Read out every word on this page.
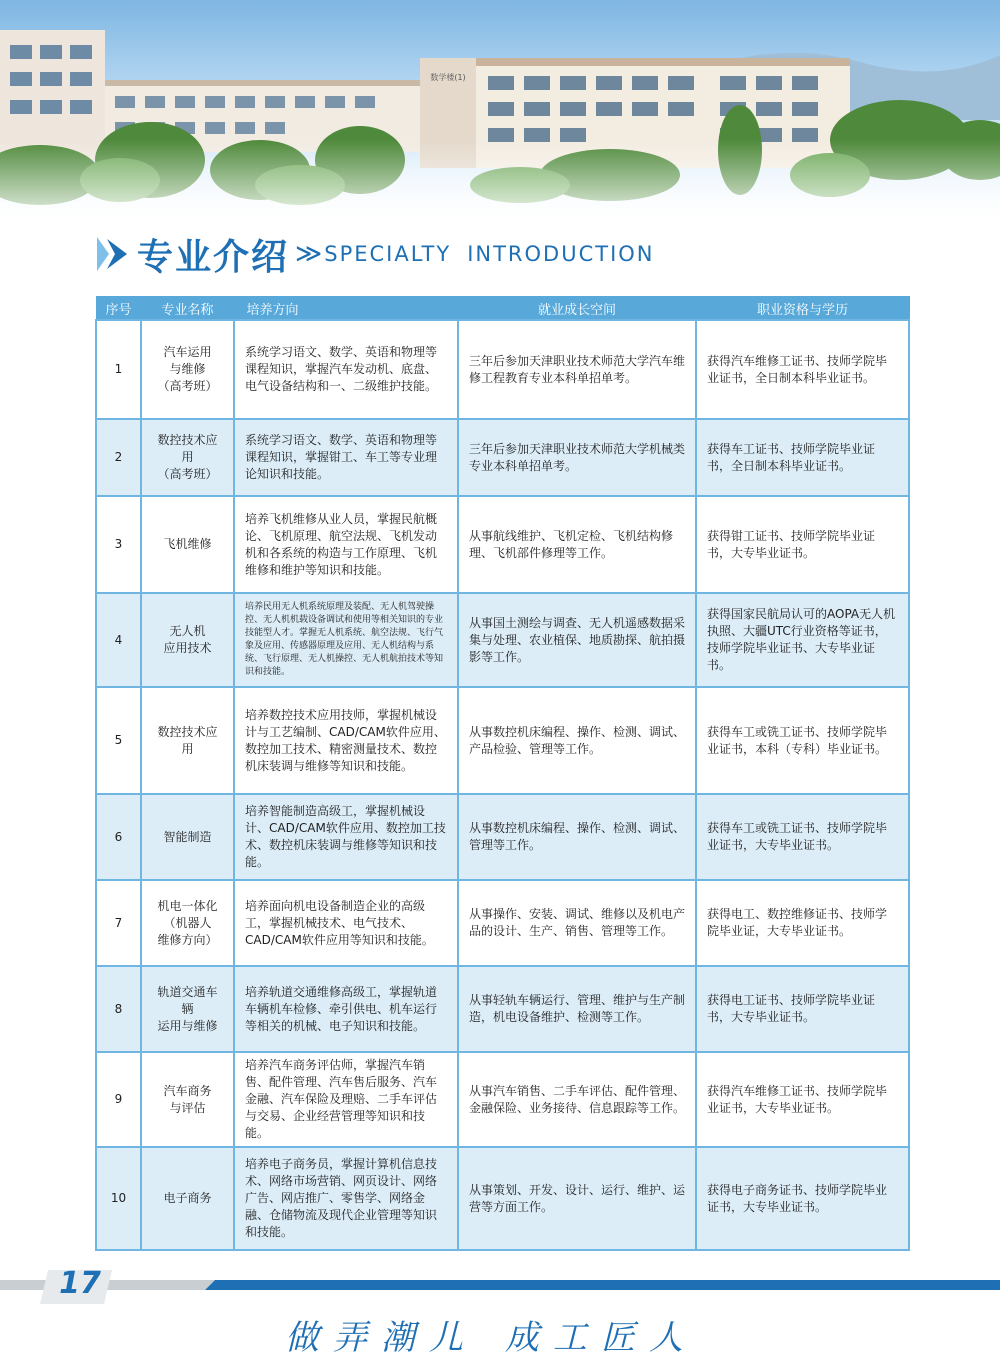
数学楼(1)
专业介绍 ≫ SPECIALTY INTRODUCTION
序号	专业名称	培养方向	就业成长空间	职业资格与学历
1	汽车运用
与维修
（高考班）	系统学习语文、数学、英语和物理等课程知识，掌握汽车发动机、底盘、电气设备结构和一、二级维护技能。	三年后参加天津职业技术师范大学汽车维修工程教育专业本科单招单考。	获得汽车维修工证书、技师学院毕业证书，全日制本科毕业证书。
2	数控技术应用
（高考班）	系统学习语文、数学、英语和物理等课程知识，掌握钳工、车工等专业理论知识和技能。	三年后参加天津职业技术师范大学机械类专业本科单招单考。	获得车工证书、技师学院毕业证书，全日制本科毕业证书。
3	飞机维修	培养飞机维修从业人员，掌握民航概论、飞机原理、航空法规、飞机发动机和各系统的构造与工作原理、飞机维修和维护等知识和技能。	从事航线维护、飞机定检、飞机结构修理、飞机部件修理等工作。	获得钳工证书、技师学院毕业证书，大专毕业证书。
4	无人机
应用技术	培养民用无人机系统原理及装配、无人机驾驶操控、无人机机载设备调试和使用等相关知识的专业技能型人才。掌握无人机系统、航空法规、飞行气象及应用、传感器原理及应用、无人机结构与系统、飞行原理、无人机操控、无人机航拍技术等知识和技能。	从事国土测绘与调查、无人机遥感数据采集与处理、农业植保、地质勘探、航拍摄影等工作。	获得国家民航局认可的AOPA无人机执照、大疆UTC行业资格等证书，技师学院毕业证书、大专毕业证书。
5	数控技术应用	培养数控技术应用技师，掌握机械设计与工艺编制、CAD/CAM软件应用、数控加工技术、精密测量技术、数控机床装调与维修等知识和技能。	从事数控机床编程、操作、检测、调试、产品检验、管理等工作。	获得车工或铣工证书、技师学院毕业证书，本科（专科）毕业证书。
6	智能制造	培养智能制造高级工，掌握机械设计、CAD/CAM软件应用、数控加工技术、数控机床装调与维修等知识和技能。	从事数控机床编程、操作、检测、调试、管理等工作。	获得车工或铣工证书、技师学院毕业证书，大专毕业证书。
7	机电一体化
（机器人
维修方向）	培养面向机电设备制造企业的高级工，掌握机械技术、电气技术、CAD/CAM软件应用等知识和技能。	从事操作、安装、调试、维修以及机电产品的设计、生产、销售、管理等工作。	获得电工、数控维修证书、技师学院毕业证，大专毕业证书。
8	轨道交通车辆
运用与维修	培养轨道交通维修高级工，掌握轨道车辆机车检修、牵引供电、机车运行等相关的机械、电子知识和技能。	从事轻轨车辆运行、管理、维护与生产制造，机电设备维护、检测等工作。	获得电工证书、技师学院毕业证书，大专毕业证书。
9	汽车商务
与评估	培养汽车商务评估师，掌握汽车销售、配件管理、汽车售后服务、汽车金融、汽车保险及理赔、二手车评估与交易、企业经营管理等知识和技能。	从事汽车销售、二手车评估、配件管理、金融保险、业务接待、信息跟踪等工作。	获得汽车维修工证书、技师学院毕业证书，大专毕业证书。
10	电子商务	培养电子商务员，掌握计算机信息技术、网络市场营销、网页设计、网络广告、网店推广、零售学、网络金融、仓储物流及现代企业管理等知识和技能。	从事策划、开发、设计、运行、维护、运营等方面工作。	获得电子商务证书、技师学院毕业证书，大专毕业证书。
17
做弄潮儿 成工匠人
